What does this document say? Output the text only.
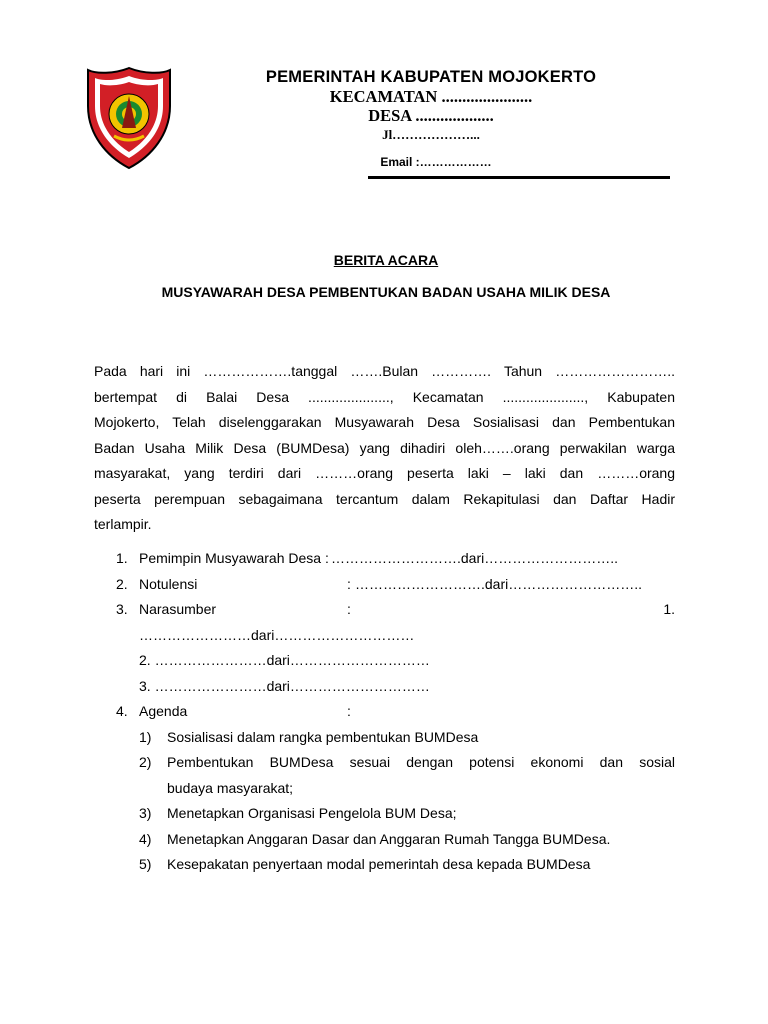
PEMERINTAH KABUPATEN MOJOKERTO
KECAMATAN ......................
DESA ...................
Jl………………...
Email :………………
BERITA ACARA
MUSYAWARAH DESA PEMBENTUKAN BADAN USAHA MILIK DESA
Pada hari ini ……………….tanggal …….Bulan …………. Tahun ……………………..
bertempat di Balai Desa ....................., Kecamatan ....................., Kabupaten
Mojokerto, Telah diselenggarakan Musyawarah Desa Sosialisasi dan Pembentukan
Badan Usaha Milik Desa (BUMDesa) yang dihadiri oleh…….orang perwakilan warga
masyarakat, yang terdiri dari ………orang peserta laki – laki dan ………orang
peserta perempuan sebagaimana tercantum dalam Rekapitulasi dan Daftar Hadir
terlampir.
1. Pemimpin Musyawarah Desa : ……………………….dari………………………..
2. Notulensi	: ……………………….dari………………………..
3. Narasumber	:	1.
……………………dari…………………………
2. ……………………dari…………………………
3. ……………………dari…………………………
4. Agenda	:
1) Sosialisasi dalam rangka pembentukan BUMDesa
2) Pembentukan BUMDesa sesuai dengan potensi ekonomi dan sosial
budaya masyarakat;
3) Menetapkan Organisasi Pengelola BUM Desa;
4) Menetapkan Anggaran Dasar dan Anggaran Rumah Tangga BUMDesa.
5) Kesepakatan penyertaan modal pemerintah desa kepada BUMDesa
